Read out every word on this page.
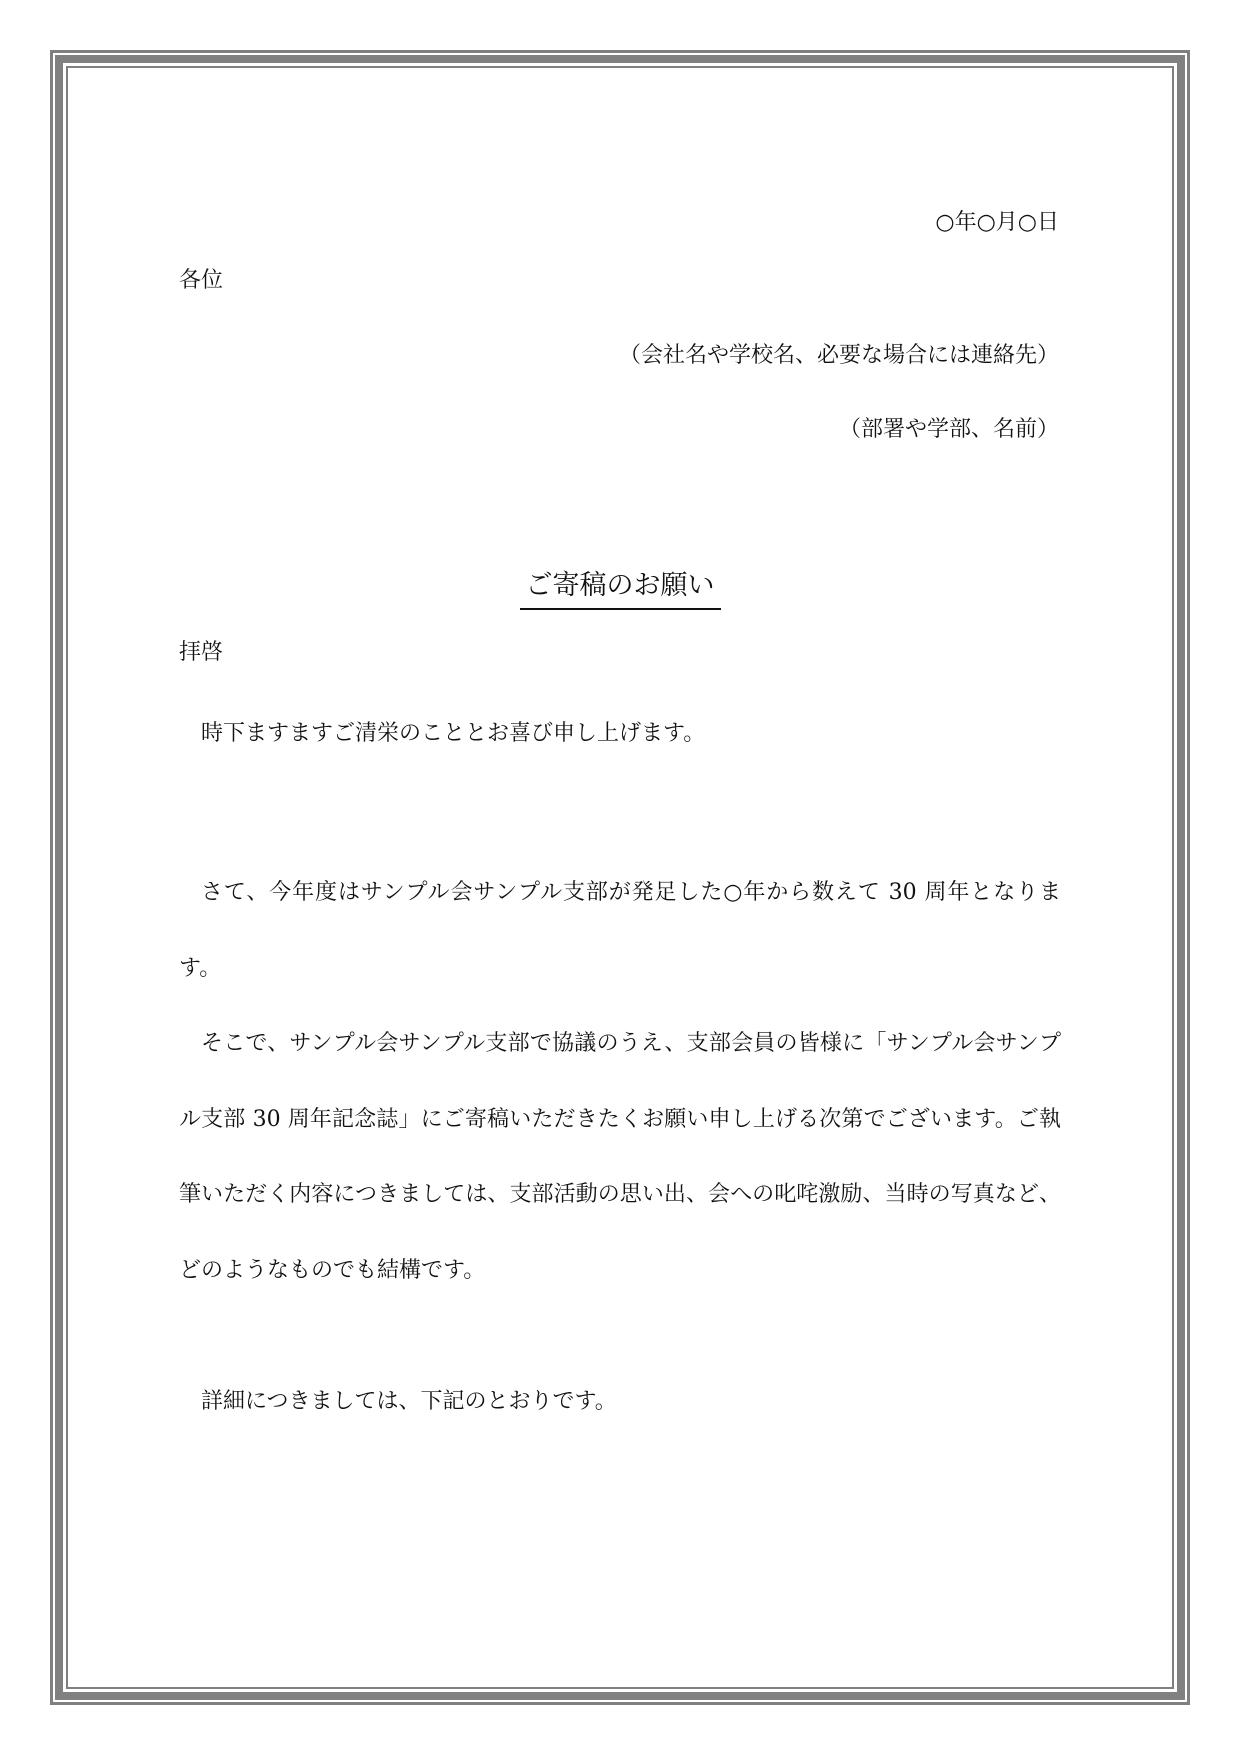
○年○月○日
各位
（会社名や学校名、必要な場合には連絡先）
（部署や学部、名前）
ご寄稿のお願い
拝啓
時下ますますご清栄のこととお喜び申し上げます。

さて、今年度はサンプル会サンプル支部が発足した○年から数えて 30 周年となります。

そこで、サンプル会サンプル支部で協議のうえ、支部会員の皆様に「サンプル会サンプル支部 30 周年記念誌」にご寄稿いただきたくお願い申し上げる次第でございます。ご執筆いただく内容につきましては、支部活動の思い出、会への叱咤激励、当時の写真など、どのようなものでも結構です。

詳細につきましては、下記のとおりです。
